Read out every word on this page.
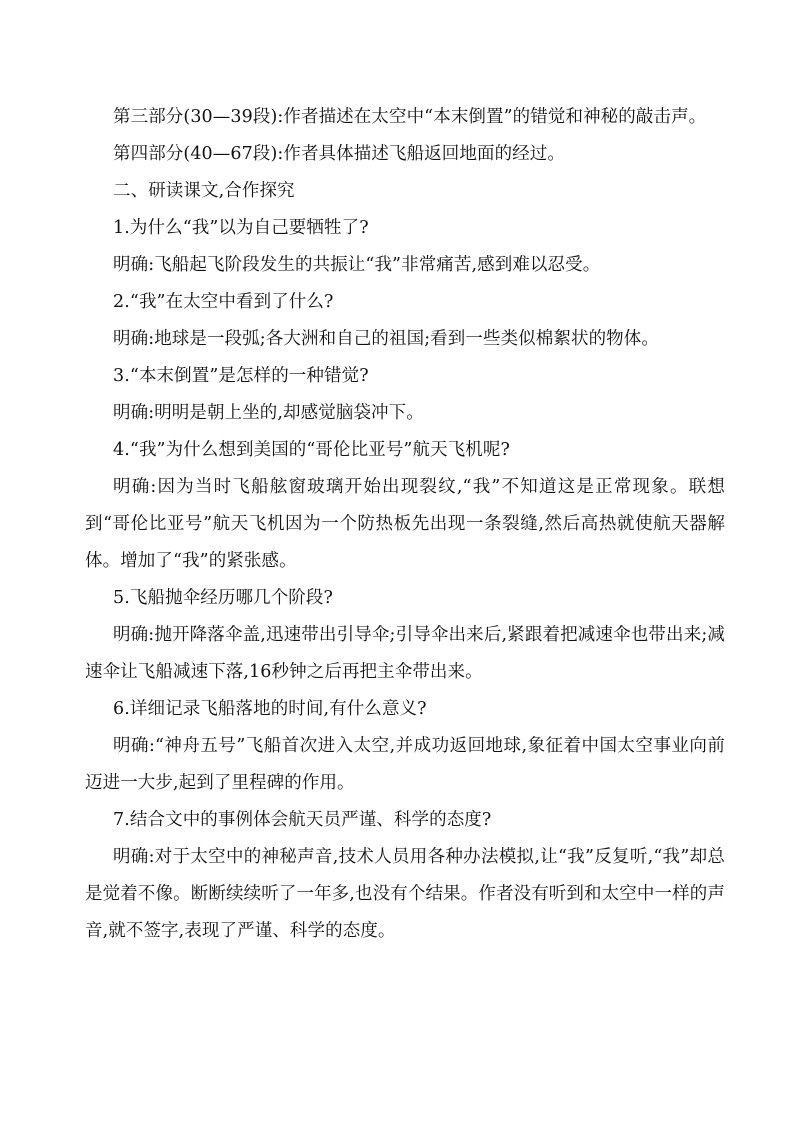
第三部分(30—39段):作者描述在太空中“本末倒置”的错觉和神秘的敲击声。
第四部分(40—67段):作者具体描述飞船返回地面的经过。
二、研读课文,合作探究
1.为什么“我”以为自己要牺牲了?
明确:飞船起飞阶段发生的共振让“我”非常痛苦,感到难以忍受。
2.“我”在太空中看到了什么?
明确:地球是一段弧;各大洲和自己的祖国;看到一些类似棉絮状的物体。
3.“本末倒置”是怎样的一种错觉?
明确:明明是朝上坐的,却感觉脑袋冲下。
4.“我”为什么想到美国的“哥伦比亚号”航天飞机呢?
明确:因为当时飞船舷窗玻璃开始出现裂纹,“我”不知道这是正常现象。联想到“哥伦比亚号”航天飞机因为一个防热板先出现一条裂缝,然后高热就使航天器解体。增加了“我”的紧张感。
5.飞船抛伞经历哪几个阶段?
明确:抛开降落伞盖,迅速带出引导伞;引导伞出来后,紧跟着把减速伞也带出来;减速伞让飞船减速下落,16秒钟之后再把主伞带出来。
6.详细记录飞船落地的时间,有什么意义?
明确:“神舟五号”飞船首次进入太空,并成功返回地球,象征着中国太空事业向前迈进一大步,起到了里程碑的作用。
7.结合文中的事例体会航天员严谨、科学的态度?
明确:对于太空中的神秘声音,技术人员用各种办法模拟,让“我”反复听,“我”却总是觉着不像。断断续续听了一年多,也没有个结果。作者没有听到和太空中一样的声音,就不签字,表现了严谨、科学的态度。
